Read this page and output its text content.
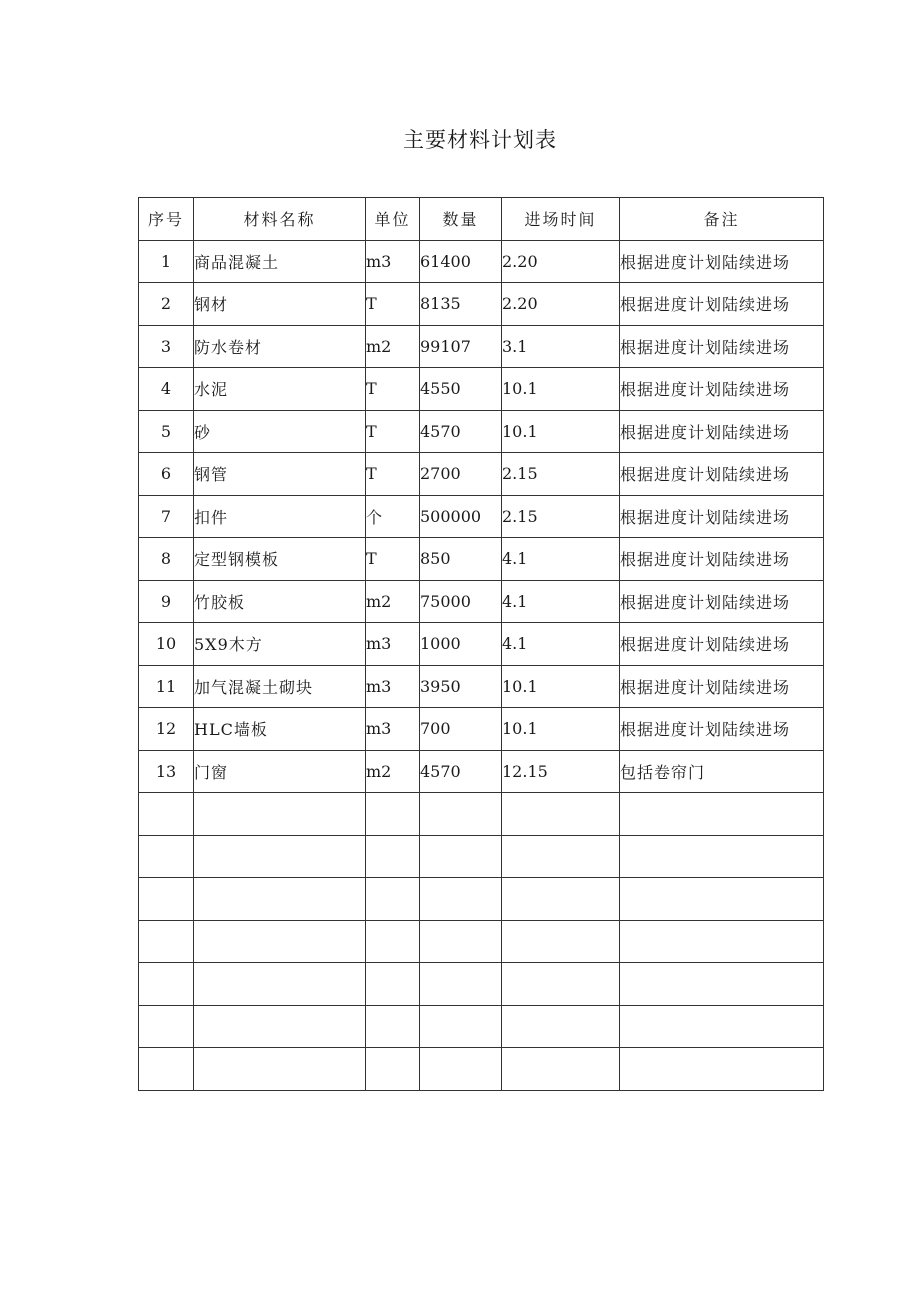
主要材料计划表
序号	材料名称	单位	数量	进场时间	备注
1	商品混凝土	m3	61400	2.20	根据进度计划陆续进场
2	钢材	T	8135	2.20	根据进度计划陆续进场
3	防水卷材	m2	99107	3.1	根据进度计划陆续进场
4	水泥	T	4550	10.1	根据进度计划陆续进场
5	砂	T	4570	10.1	根据进度计划陆续进场
6	钢管	T	2700	2.15	根据进度计划陆续进场
7	扣件	个	500000	2.15	根据进度计划陆续进场
8	定型钢模板	T	850	4.1	根据进度计划陆续进场
9	竹胶板	m2	75000	4.1	根据进度计划陆续进场
10	5X9木方	m3	1000	4.1	根据进度计划陆续进场
11	加气混凝土砌块	m3	3950	10.1	根据进度计划陆续进场
12	HLC墙板	m3	700	10.1	根据进度计划陆续进场
13	门窗	m2	4570	12.15	包括卷帘门
